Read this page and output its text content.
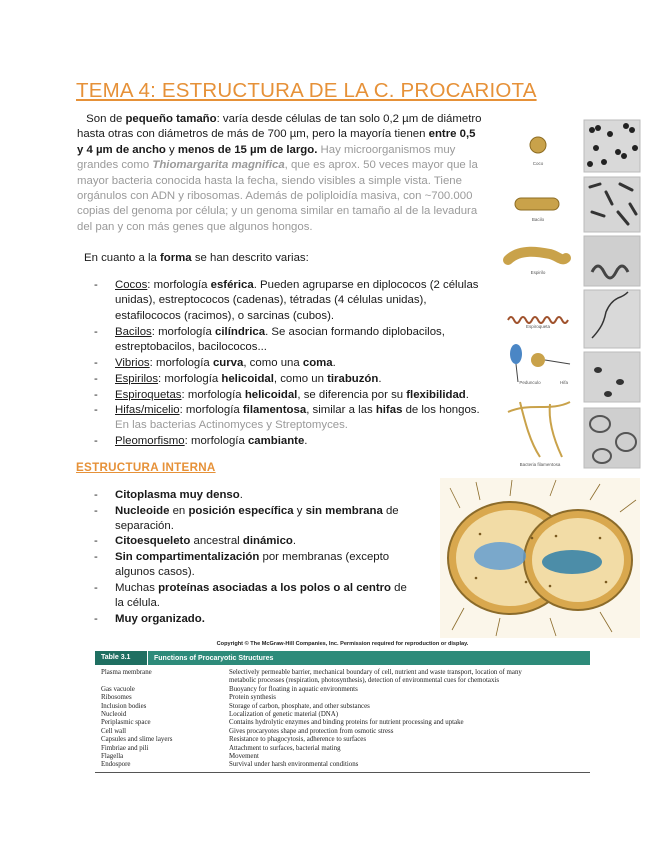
TEMA 4: ESTRUCTURA DE LA C. PROCARIOTA
Son de pequeño tamaño: varía desde células de tan solo 0,2 µm de diámetro
hasta otras con diámetros de más de 700 µm, pero la mayoría tienen entre 0,5
y 4 µm de ancho y menos de 15 µm de largo. Hay microorganismos muy
grandes como Thiomargarita magnifica, que es aprox. 50 veces mayor que la
mayor bacteria conocida hasta la fecha, siendo visibles a simple vista. Tiene
orgánulos con ADN y ribosomas. Además de poliploidía masiva, con ~700.000
copias del genoma por célula; y un genoma similar en tamaño al de la levadura
del pan y con más genes que algunos hongos.
En cuanto a la forma se han descrito varias:
- Cocos: morfología esférica. Pueden agruparse en diplococos (2 células
unidas), estreptococos (cadenas), tétradas (4 células unidas),
estafilococos (racimos), o sarcinas (cubos).
- Bacilos: morfología cilíndrica. Se asocian formando diplobacilos,
estreptobacilos, bacilococos...
- Vibrios: morfología curva, como una coma.
- Espirilos: morfología helicoidal, como un tirabuzón.
- Espiroquetas: morfología helicoidal, se diferencia por su flexibilidad.
- Hifas/micelio: morfología filamentosa, similar a las hifas de los hongos.
En las bacterias Actinomyces y Streptomyces.
- Pleomorfismo: morfología cambiante.
ESTRUCTURA INTERNA
- Citoplasma muy denso.
- Nucleoide en posición específica y sin membrana de
separación.
- Citoesqueleto ancestral dinámico.
- Sin compartimentalización por membranas (excepto
algunos casos).
- Muchas proteínas asociadas a los polos o al centro de
la célula.
- Muy organizado.
Coco
Bacilo
Espirilo
Espiroqueta
Pedunculo	Hifa
Bacteria filamentosa
Copyright © The McGraw-Hill Companies, Inc. Permission required for reproduction or display.
Table 3.1	Functions of Procaryotic Structures
Plasma membrane	Selectively permeable barrier, mechanical boundary of cell, nutrient and waste transport, location of many
metabolic processes (respiration, photosynthesis), detection of environmental cues for chemotaxis
Gas vacuole	Buoyancy for floating in aquatic environments
Ribosomes	Protein synthesis
Inclusion bodies	Storage of carbon, phosphate, and other substances
Nucleoid	Localization of genetic material (DNA)
Periplasmic space	Contains hydrolytic enzymes and binding proteins for nutrient processing and uptake
Cell wall	Gives procaryotes shape and protection from osmotic stress
Capsules and slime layers	Resistance to phagocytosis, adherence to surfaces
Fimbriae and pili	Attachment to surfaces, bacterial mating
Flagella	Movement
Endospore	Survival under harsh environmental conditions
